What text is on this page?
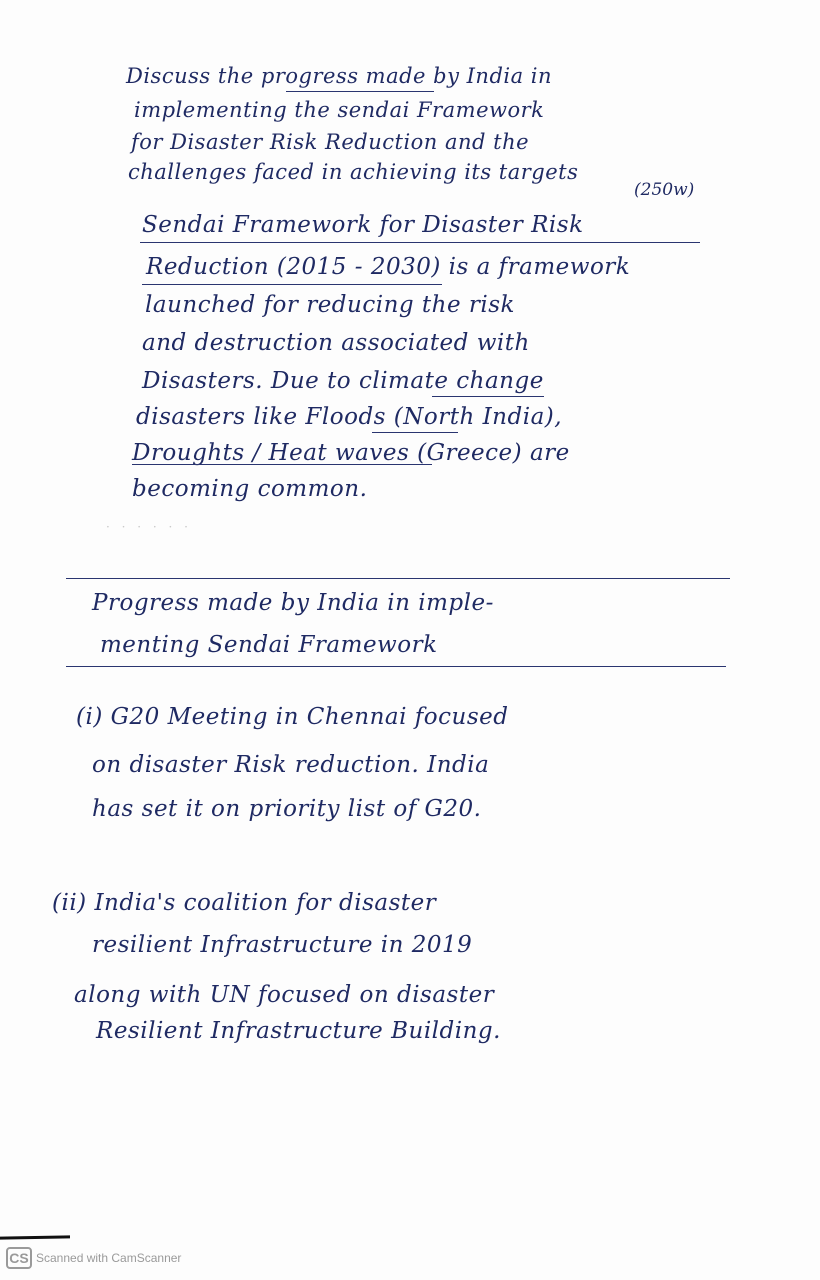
Discuss the progress made by India in
implementing the sendai Framework
for Disaster Risk Reduction and the
challenges faced in achieving its targets
(250w)
Sendai Framework for Disaster Risk
Reduction (2015 - 2030) is a framework
launched for reducing the risk
and destruction associated with
Disasters. Due to climate change
disasters like Floods (North India),
Droughts / Heat waves (Greece) are
becoming common.
· · · · · ·
Progress made by India in imple-
menting Sendai Framework
(i) G20 Meeting in Chennai focused
on disaster Risk reduction. India
has set it on priority list of G20.
(ii) India's coalition for disaster
resilient Infrastructure in 2019
along with UN focused on disaster
Resilient Infrastructure Building.
CS Scanned with CamScanner
